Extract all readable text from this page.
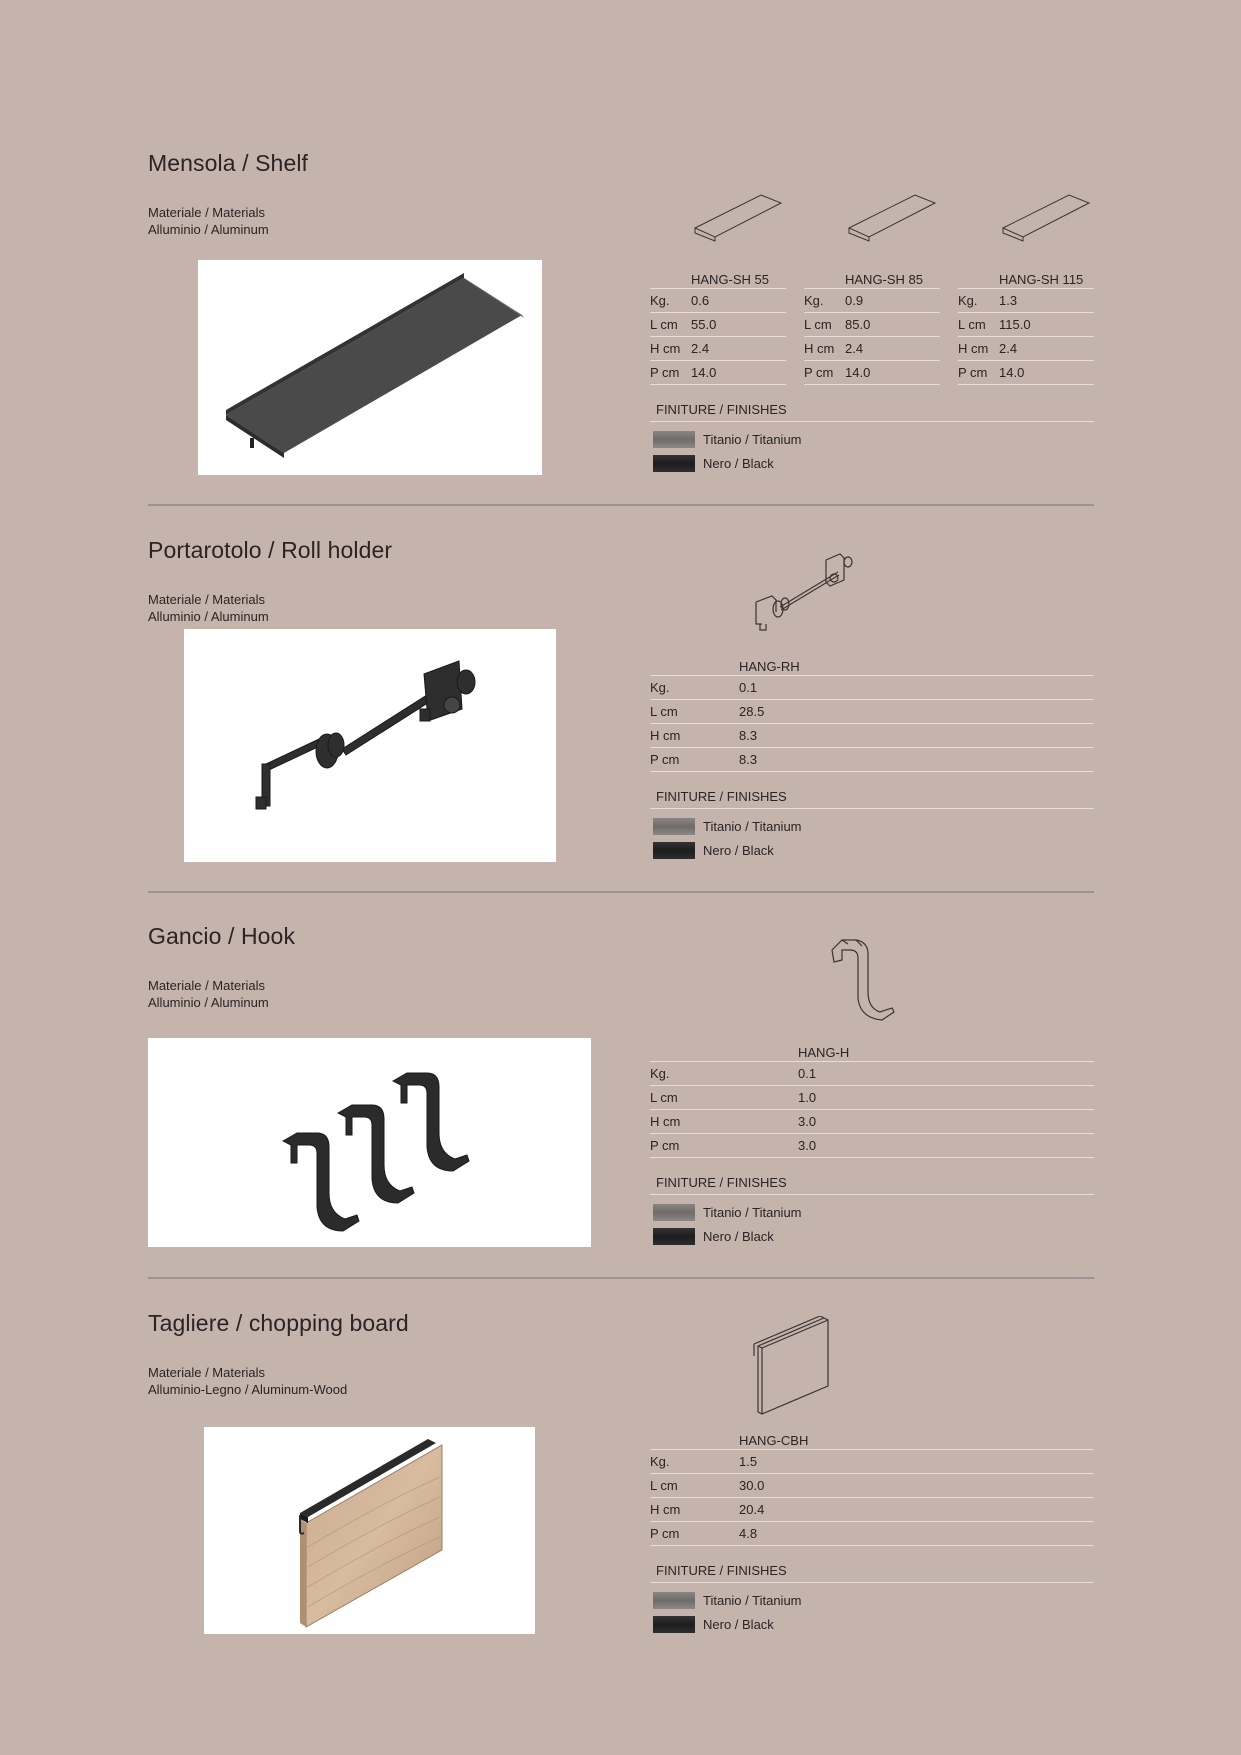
Mensola / Shelf
Materiale / Materials
Alluminio / Aluminum
HANG-SH 55
Kg.	0.6
L cm	55.0
H cm 2.4
P cm 14.0
HANG-SH 85
Kg.	0.9
L cm	85.0
H cm 2.4
P cm 14.0
HANG-SH 115
Kg.	1.3
L cm	115.0
H cm 2.4
P cm 14.0
FINITURE / FINISHES
Titanio / Titanium
Nero / Black
Portarotolo / Roll holder
Materiale / Materials
Alluminio / Aluminum
HANG-RH
Kg.	0.1
L cm	28.5
H cm	8.3
P cm	8.3
FINITURE / FINISHES
Titanio / Titanium
Nero / Black
Gancio / Hook
Materiale / Materials
Alluminio / Aluminum
HANG-H
Kg.	0.1
L cm	1.0
H cm	3.0
P cm	3.0
FINITURE / FINISHES
Titanio / Titanium
Nero / Black
Tagliere / chopping board
Materiale / Materials
Alluminio-Legno / Aluminum-Wood
HANG-CBH
Kg.	1.5
L cm	30.0
H cm	20.4
P cm	4.8
FINITURE / FINISHES
Titanio / Titanium
Nero / Black
